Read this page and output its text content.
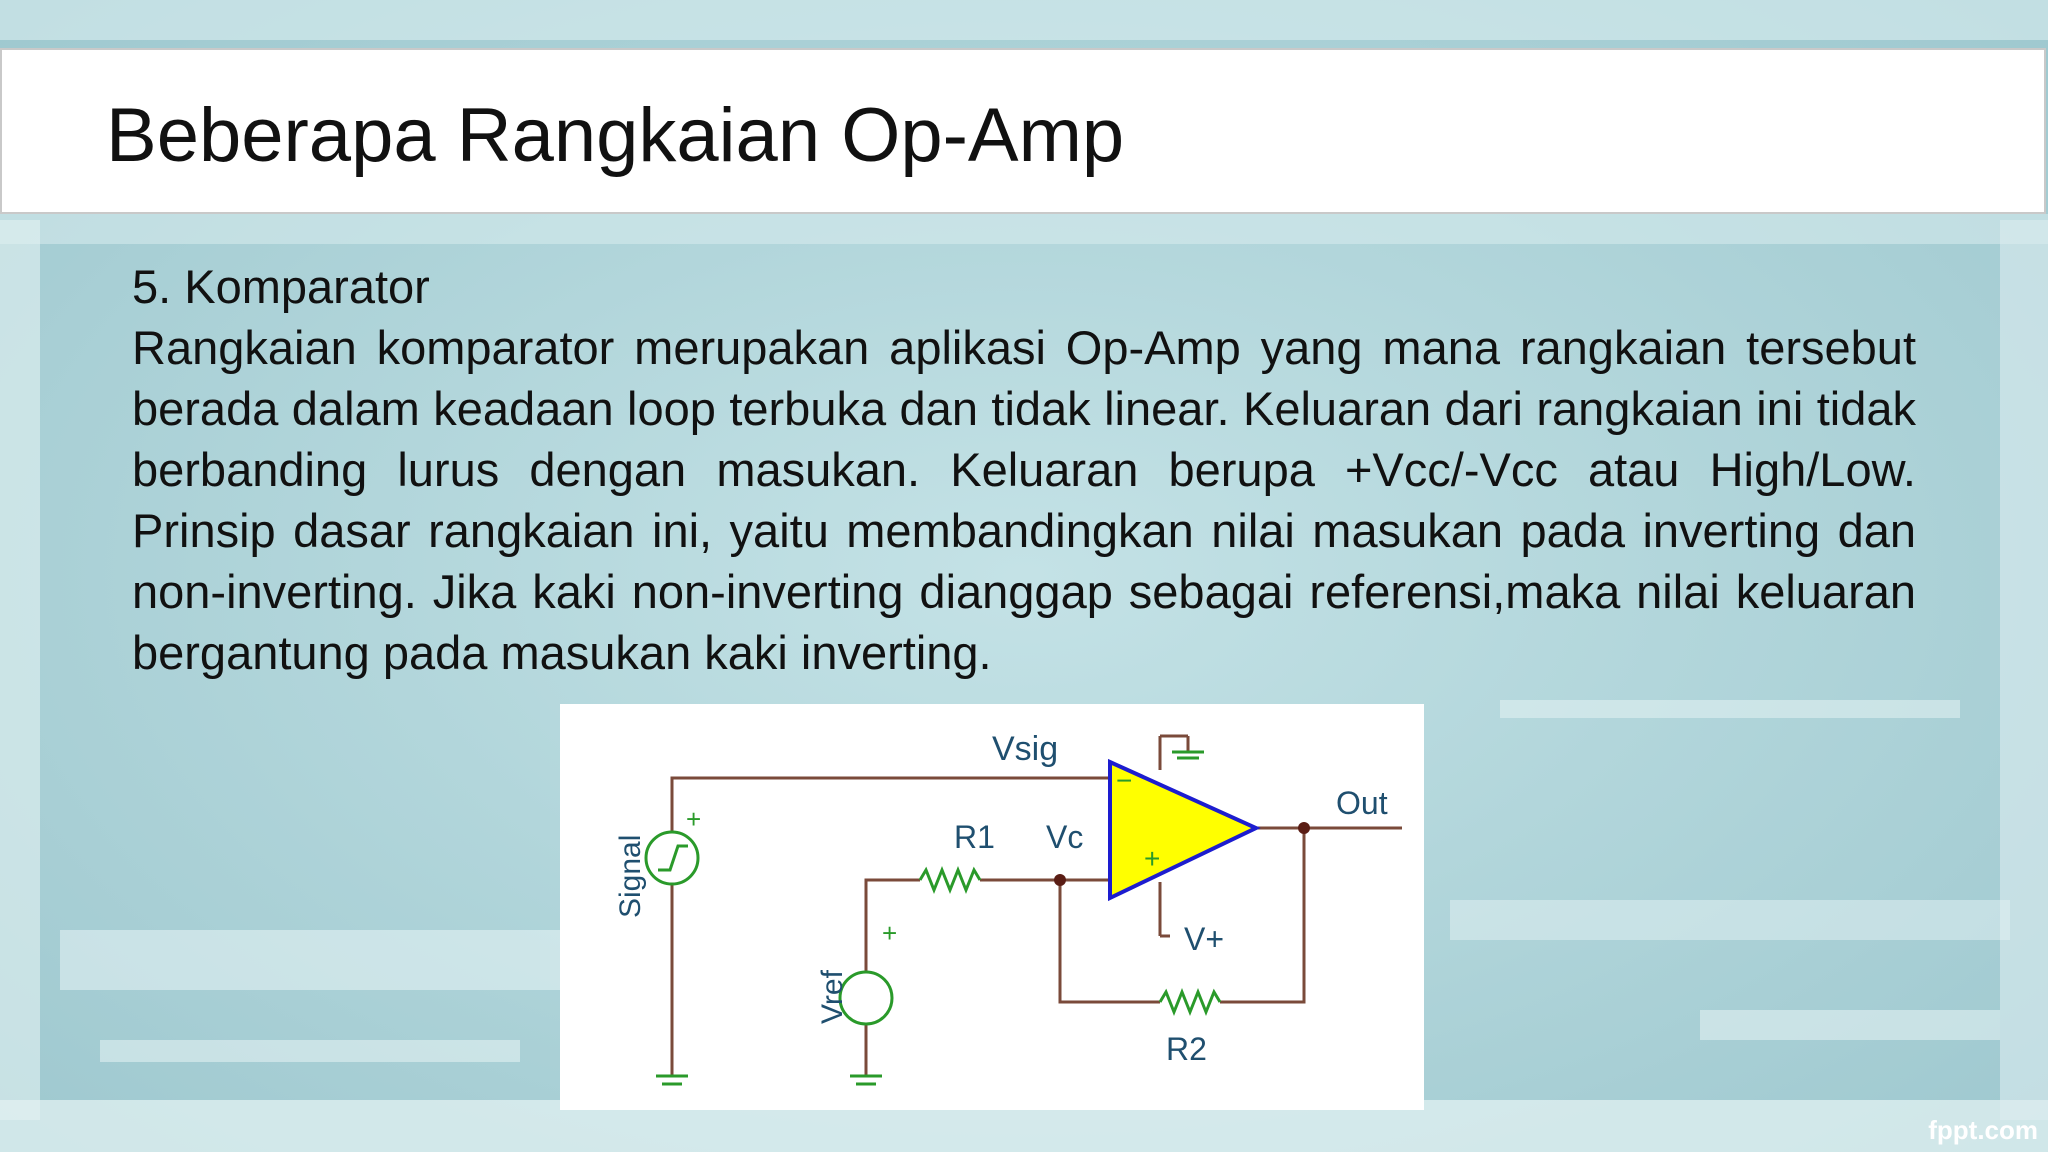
Beberapa Rangkaian Op-Amp

5. Komparator

Rangkaian komparator merupakan aplikasi Op-Amp yang mana rangkaian tersebut berada dalam keadaan loop terbuka dan tidak linear. Keluaran dari rangkaian ini tidak berbanding lurus dengan masukan. Keluaran berupa +Vcc/-Vcc atau High/Low. Prinsip dasar rangkaian ini, yaitu membandingkan nilai masukan pada inverting dan non-inverting. Jika kaki non-inverting dianggap sebagai referensi,maka nilai keluaran bergantung pada masukan kaki inverting.

Vsig
Out
R1 Vc
V+
R2
Signal
Vref
+
+
−
+
fppt.com
